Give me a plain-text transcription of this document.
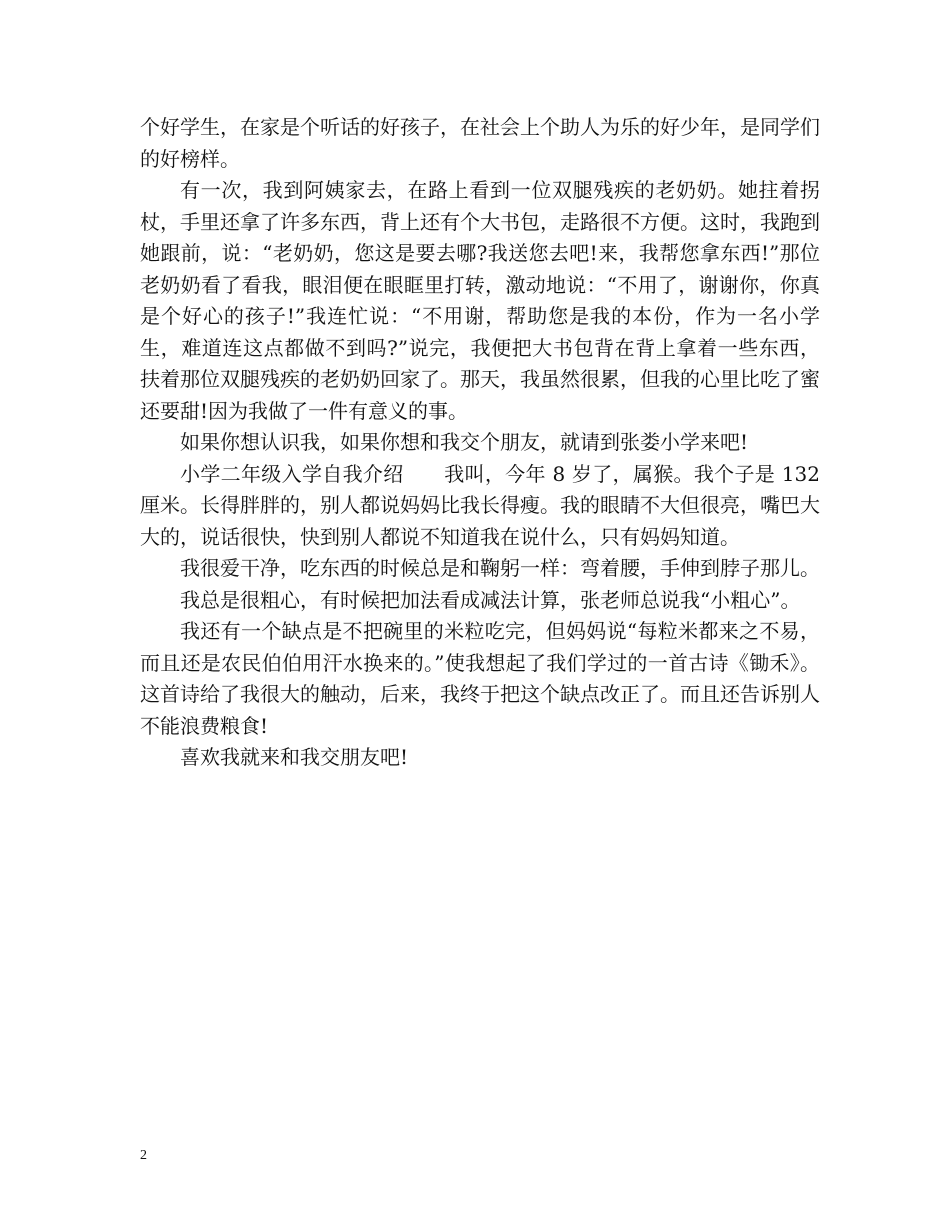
个好学生，在家是个听话的好孩子，在社会上个助人为乐的好少年，是同学们的好榜样。

有一次，我到阿姨家去，在路上看到一位双腿残疾的老奶奶。她拄着拐杖，手里还拿了许多东西，背上还有个大书包，走路很不方便。这时，我跑到她跟前，说：“老奶奶，您这是要去哪?我送您去吧!来，我帮您拿东西!”那位老奶奶看了看我，眼泪便在眼眶里打转，激动地说：“不用了，谢谢你，你真是个好心的孩子!”我连忙说：“不用谢，帮助您是我的本份，作为一名小学生，难道连这点都做不到吗?”说完，我便把大书包背在背上拿着一些东西，扶着那位双腿残疾的老奶奶回家了。那天，我虽然很累，但我的心里比吃了蜜还要甜!因为我做了一件有意义的事。

如果你想认识我，如果你想和我交个朋友，就请到张娄小学来吧!

小学二年级入学自我介绍　　我叫，今年 8 岁了，属猴。我个子是 132 厘米。长得胖胖的，别人都说妈妈比我长得瘦。我的眼睛不大但很亮，嘴巴大大的，说话很快，快到别人都说不知道我在说什么，只有妈妈知道。

我很爱干净，吃东西的时候总是和鞠躬一样：弯着腰，手伸到脖子那儿。

我总是很粗心，有时候把加法看成减法计算，张老师总说我“小粗心”。

我还有一个缺点是不把碗里的米粒吃完，但妈妈说“每粒米都来之不易，而且还是农民伯伯用汗水换来的。”使我想起了我们学过的一首古诗《锄禾》。这首诗给了我很大的触动，后来，我终于把这个缺点改正了。而且还告诉别人不能浪费粮食!

喜欢我就来和我交朋友吧!

2
